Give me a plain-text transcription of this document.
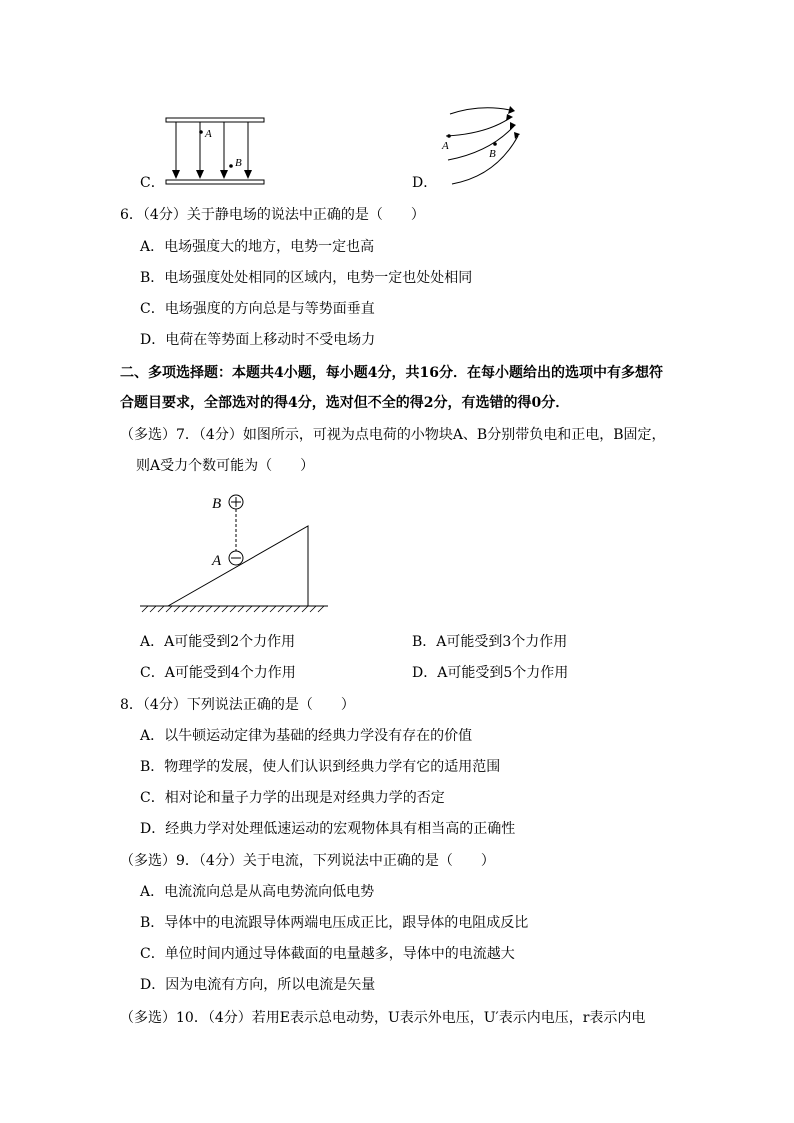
C．
A
B
D．
A
B
6．（4分）关于静电场的说法中正确的是（　　）
A．电场强度大的地方，电势一定也高
B．电场强度处处相同的区域内，电势一定也处处相同
C．电场强度的方向总是与等势面垂直
D．电荷在等势面上移动时不受电场力
二、多项选择题：本题共4小题，每小题4分，共16分．在每小题给出的选项中有多想符
合题目要求，全部选对的得4分，选对但不全的得2分，有选错的得0分．
（多选）7．（4分）如图所示，可视为点电荷的小物块A、B分别带负电和正电，B固定，
则A受力个数可能为（　　）
B
A
A．A可能受到2个力作用	B．A可能受到3个力作用
C．A可能受到4个力作用	D．A可能受到5个力作用
8．（4分）下列说法正确的是（　　）
A．以牛顿运动定律为基础的经典力学没有存在的价值
B．物理学的发展，使人们认识到经典力学有它的适用范围
C．相对论和量子力学的出现是对经典力学的否定
D．经典力学对处理低速运动的宏观物体具有相当高的正确性
（多选）9．（4分）关于电流，下列说法中正确的是（　　）
A．电流流向总是从高电势流向低电势
B．导体中的电流跟导体两端电压成正比，跟导体的电阻成反比
C．单位时间内通过导体截面的电量越多，导体中的电流越大
D．因为电流有方向，所以电流是矢量
（多选）10．（4分）若用E表示总电动势，U表示外电压，U′表示内电压，r表示内电
